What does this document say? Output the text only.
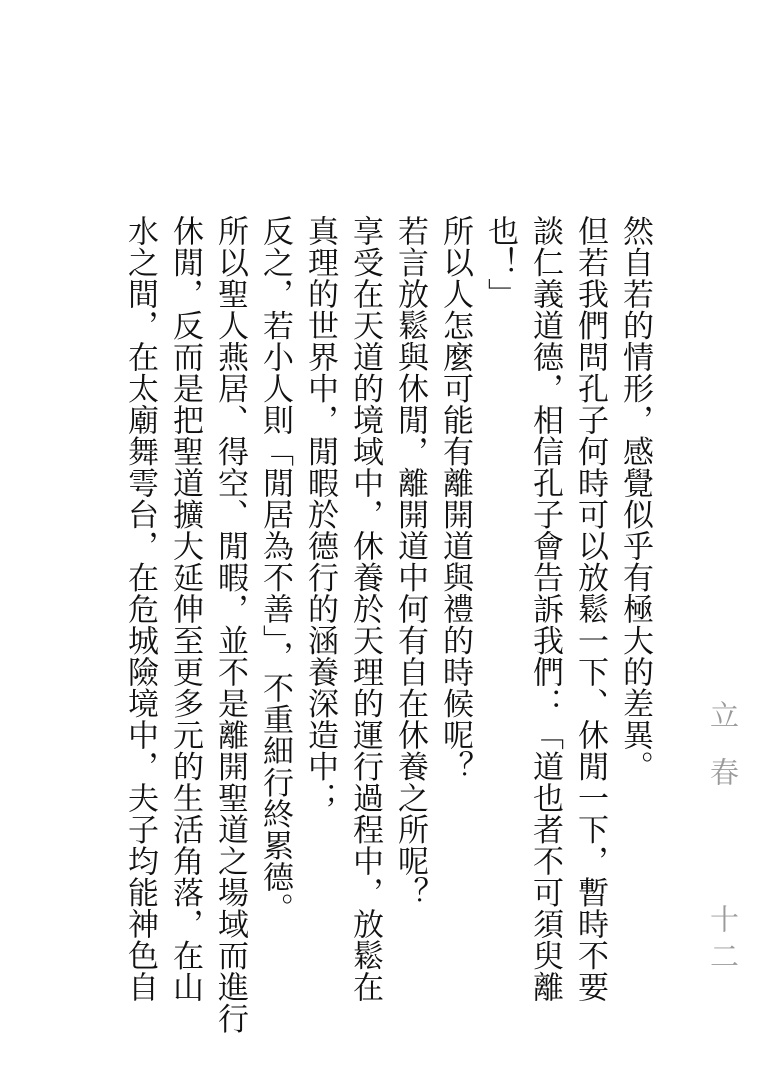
然自若的情形，感覺似乎有極大的差異。
但若我們問孔子何時可以放鬆一下、休閒一下，暫時不要
談仁義道德，相信孔子會告訴我們：「道也者不可須臾離
也！」
所以人怎麼可能有離開道與禮的時候呢？
若言放鬆與休閒，離開道中何有自在休養之所呢？
享受在天道的境域中，休養於天理的運行過程中，放鬆在
真理的世界中，閒暇於德行的涵養深造中；
反之，若小人則「閒居為不善」，不重細行終累德。
所以聖人燕居、得空、閒暇，並不是離開聖道之場域而進行
休閒，反而是把聖道擴大延伸至更多元的生活角落，在山
水之間，在太廟舞雩台，在危城險境中，夫子均能神色自	立春
十二
